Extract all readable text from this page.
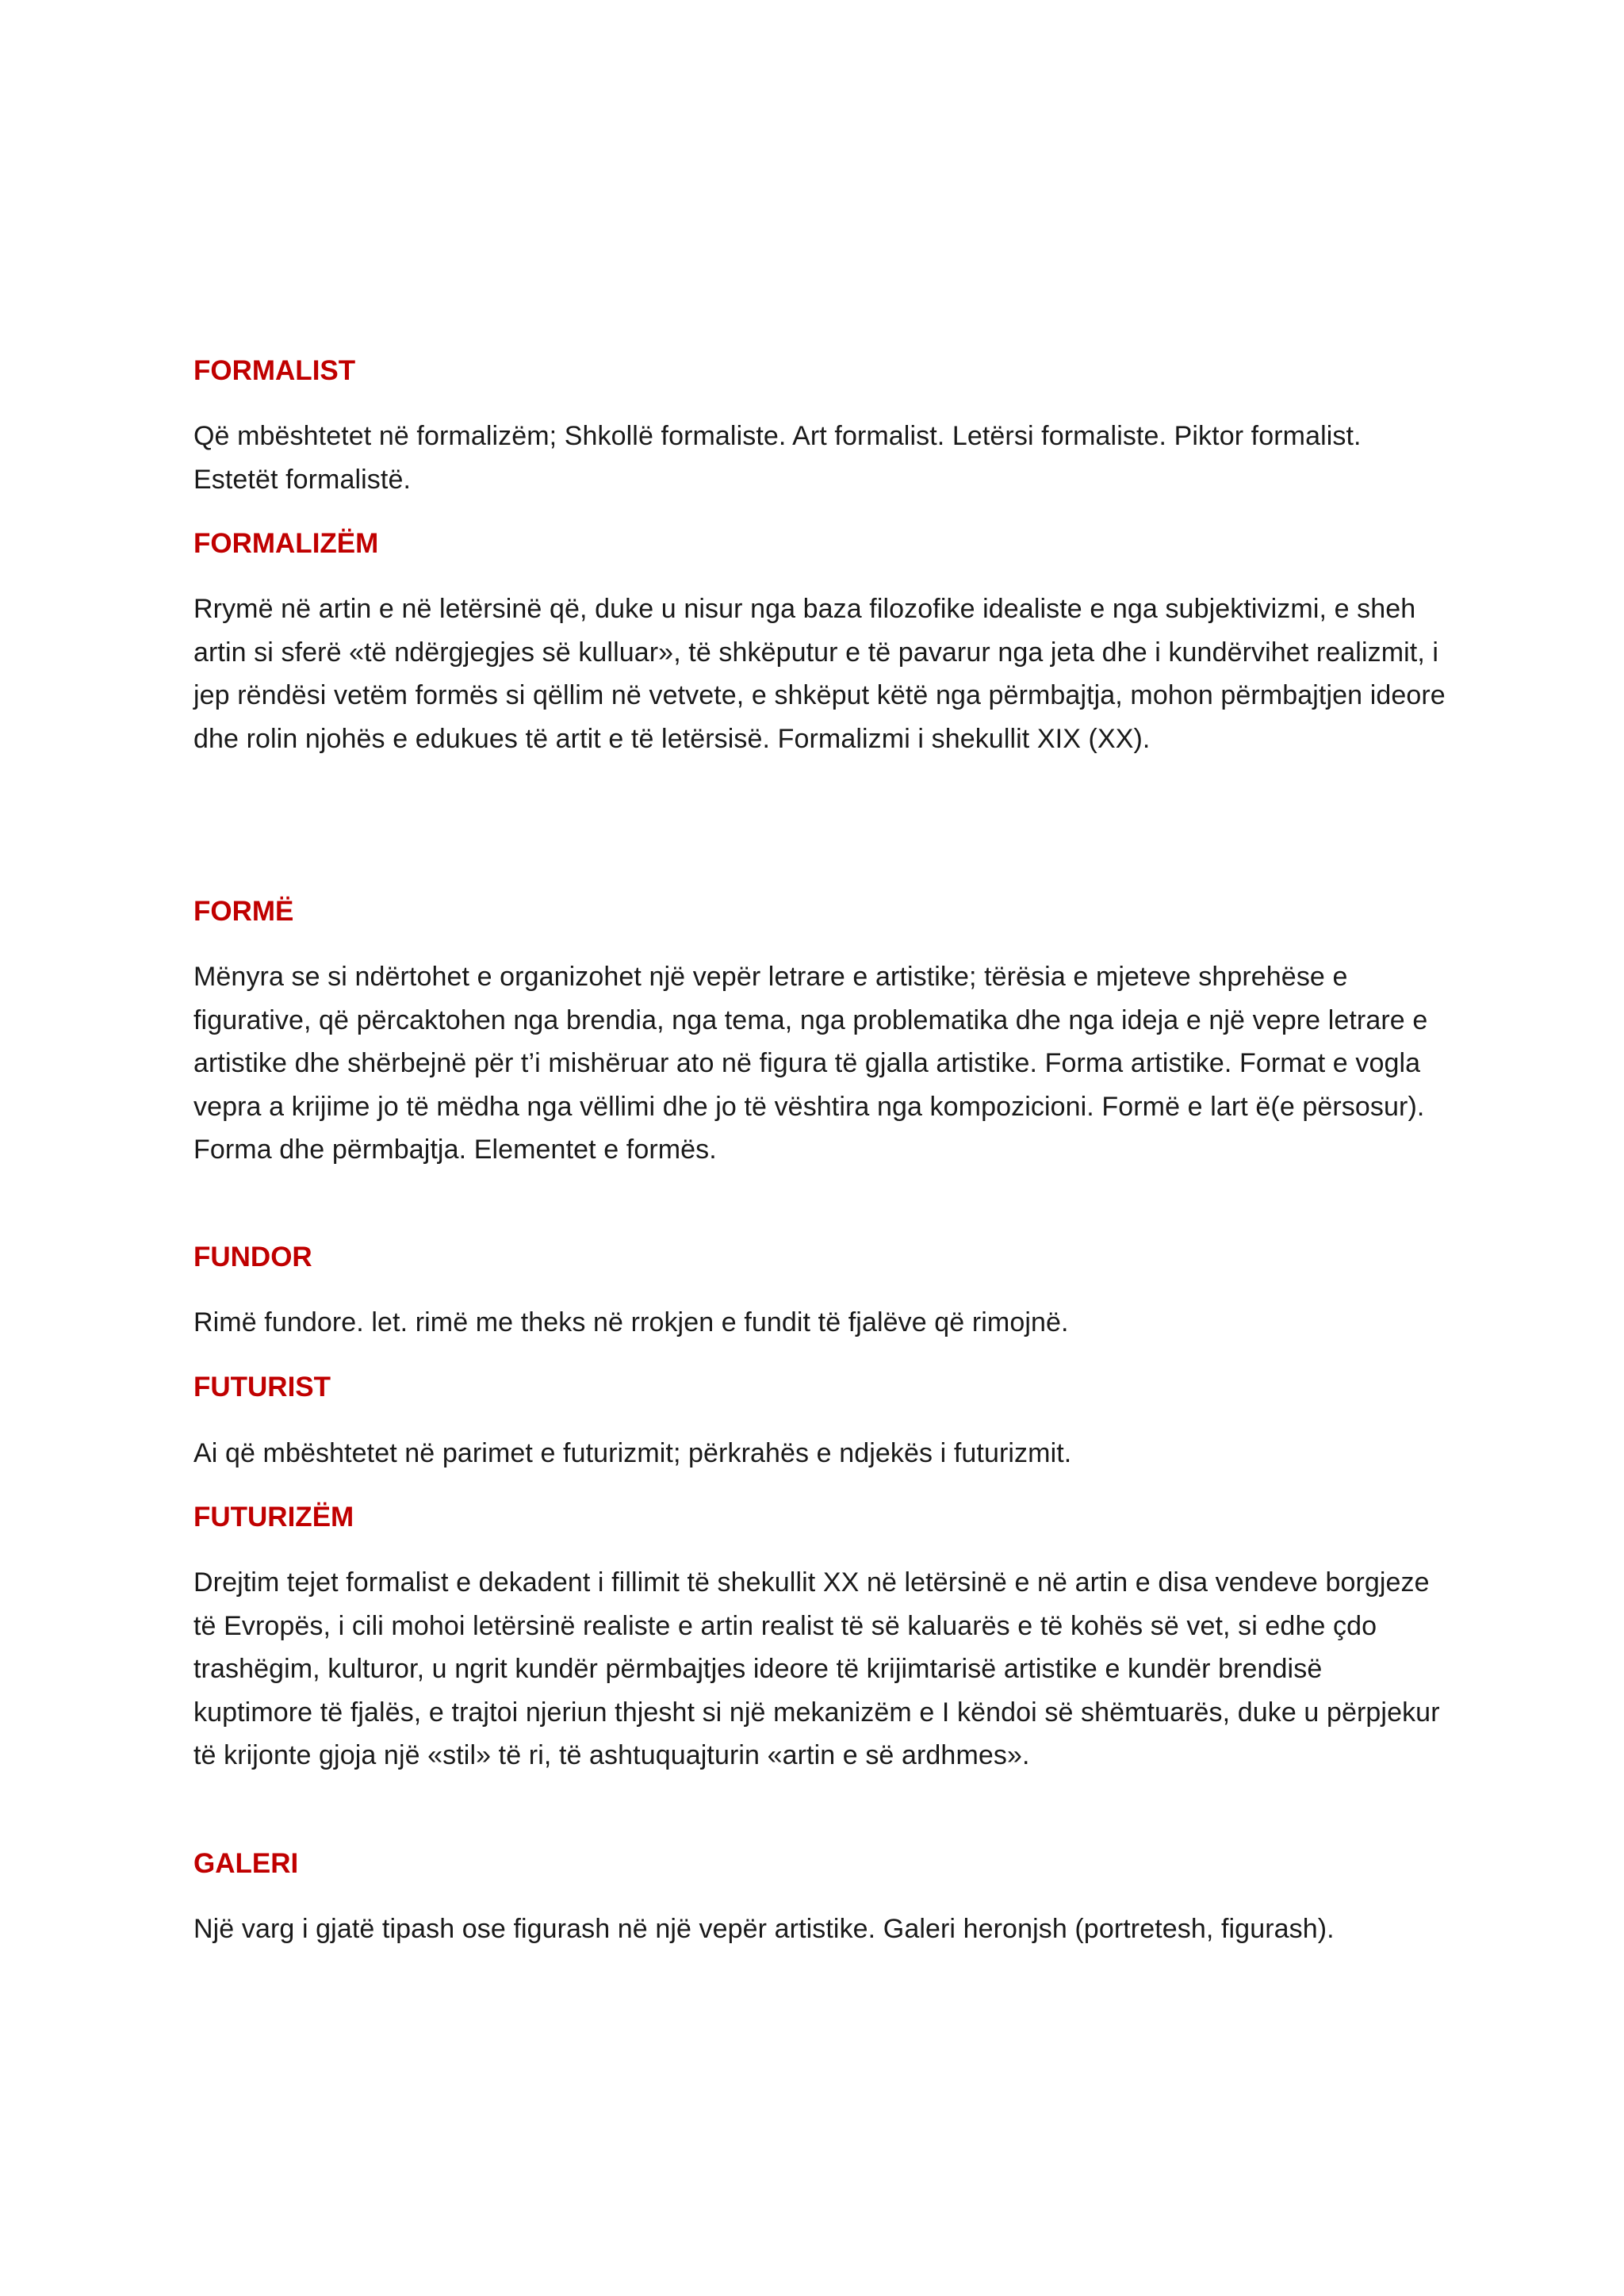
FORMALIST

Që mbështetet në formalizëm; Shkollë formaliste. Art formalist. Letërsi formaliste. Piktor formalist. Estetët formalistë.

FORMALIZËM

Rrymë në artin e në letërsinë që, duke u nisur nga baza filozofike idealiste e nga subjektivizmi, e sheh artin si sferë «të ndërgjegjes së kulluar», të shkëputur e të pavarur nga jeta dhe i kundërvihet realizmit, i jep rëndësi vetëm formës si qëllim në vetvete, e shkëput këtë nga përmbajtja, mohon përmbajtjen ideore dhe rolin njohës e edukues të artit e të letërsisë. Formalizmi i shekullit XIX (XX).

FORMË

Mënyra se si ndërtohet e organizohet një vepër letrare e artistike; tërësia e mjeteve shprehëse e figurative, që përcaktohen nga brendia, nga tema, nga problematika dhe nga ideja e një vepre letrare e artistike dhe shërbejnë për t’i mishëruar ato në figura të gjalla artistike. Forma artistike. Format e vogla vepra a krijime jo të mëdha nga vëllimi dhe jo të vështira nga kompozicioni. Formë e lart ë(e përsosur). Forma dhe përmbajtja. Elementet e formës.

FUNDOR

Rimë fundore. let. rimë me theks në rrokjen e fundit të fjalëve që rimojnë.

FUTURIST

Ai që mbështetet në parimet e futurizmit; përkrahës e ndjekës i futurizmit.

FUTURIZËM

Drejtim tejet formalist e dekadent i fillimit të shekullit XX në letërsinë e në artin e disa vendeve borgjeze të Evropës, i cili mohoi letërsinë realiste e artin realist të së kaluarës e të kohës së vet, si edhe çdo trashëgim, kulturor, u ngrit kundër përmbajtjes ideore të krijimtarisë artistike e kundër brendisë kuptimore të fjalës, e trajtoi njeriun thjesht si një mekanizëm e I këndoi së shëmtuarës, duke u përpjekur të krijonte gjoja një «stil» të ri, të ashtuquajturin «artin e së ardhmes».

GALERI

Një varg i gjatë tipash ose figurash në një vepër artistike. Galeri heronjsh (portretesh, figurash).
